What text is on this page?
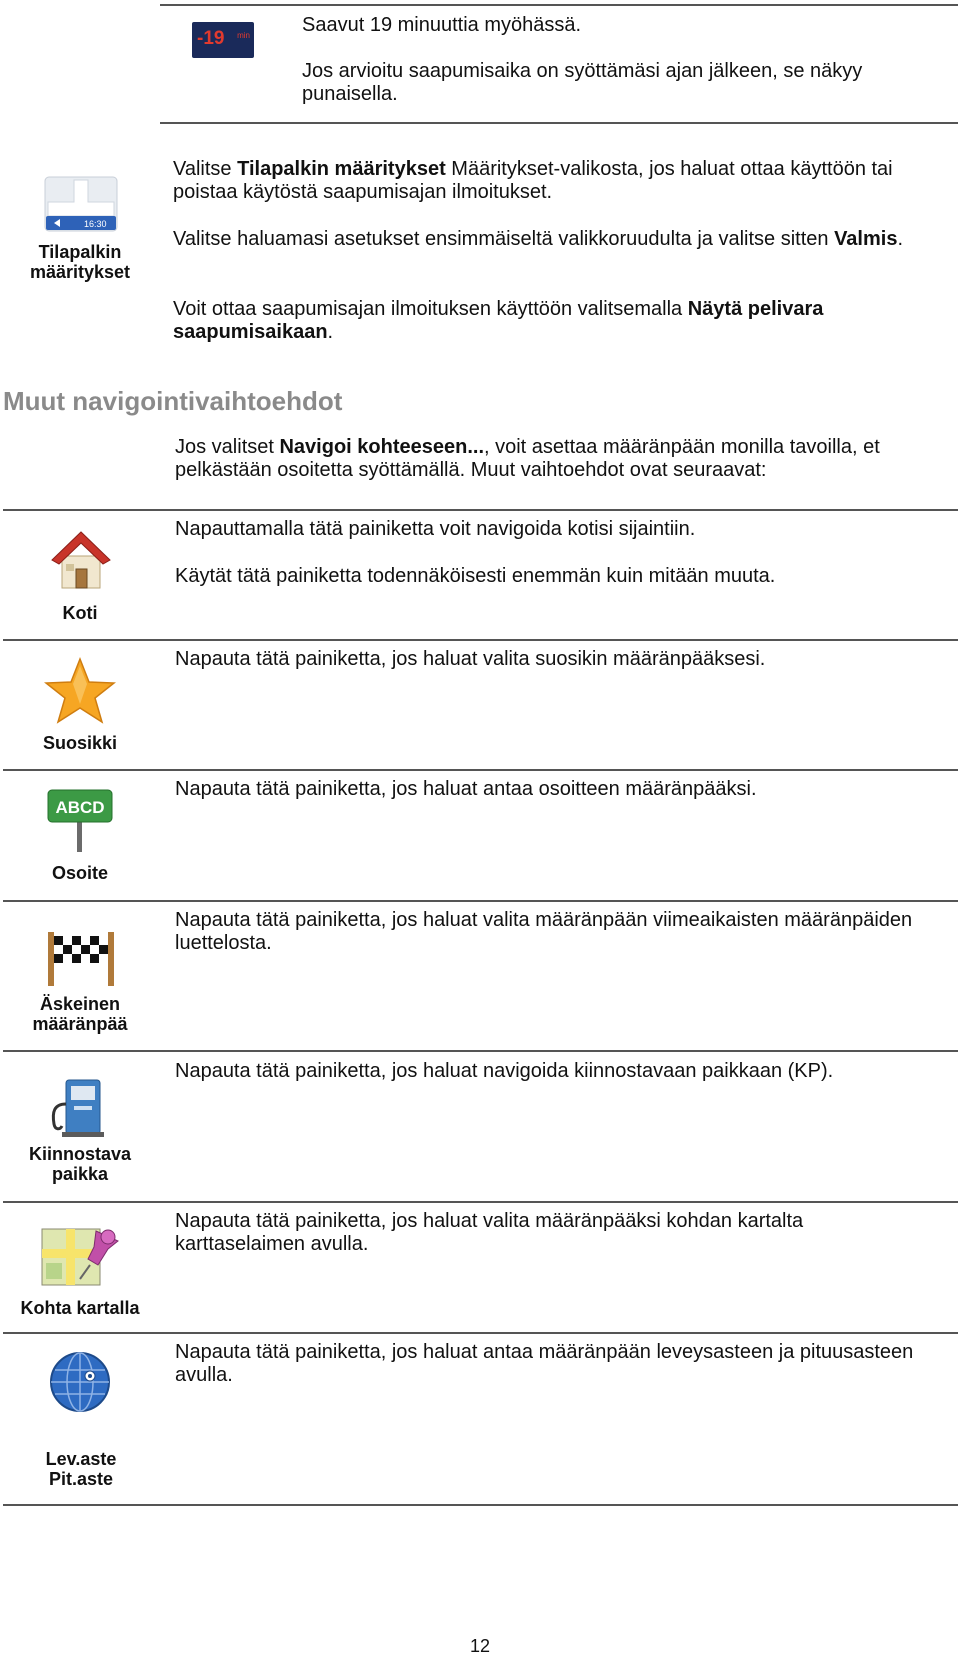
-19 min	Saavut 19 minuuttia myöhässä.
Jos arvioitu saapumisaika on syöttämäsi ajan jälkeen, se näkyy punaisella.
16:30
Tilapalkin määritykset
Valitse Tilapalkin määritykset Määritykset-valikosta, jos haluat ottaa käyttöön tai poistaa käytöstä saapumisajan ilmoitukset.
Valitse haluamasi asetukset ensimmäiseltä valikkoruudulta ja valitse sitten Valmis.
Voit ottaa saapumisajan ilmoituksen käyttöön valitsemalla Näytä pelivara saapumisaikaan.
Muut navigointivaihtoehdot
Jos valitset Navigoi kohteeseen..., voit asettaa määränpään monilla tavoilla, et pelkästään osoitetta syöttämällä. Muut vaihtoehdot ovat seuraavat:
Koti
Napauttamalla tätä painiketta voit navigoida kotisi sijaintiin.
Käytät tätä painiketta todennäköisesti enemmän kuin mitään muuta.
Suosikki
Napauta tätä painiketta, jos haluat valita suosikin määränpääksesi.
ABCD
Osoite
Napauta tätä painiketta, jos haluat antaa osoitteen määränpääksi.
Äskeinen määränpää
Napauta tätä painiketta, jos haluat valita määränpään viimeaikaisten määränpäiden luettelosta.
Kiinnostava paikka
Napauta tätä painiketta, jos haluat navigoida kiinnostavaan paikkaan (KP).
Kohta kartalla
Napauta tätä painiketta, jos haluat valita määränpääksi kohdan kartalta karttaselaimen avulla.
Lev.aste Pit.aste
Napauta tätä painiketta, jos haluat antaa määränpään leveysasteen ja pituusasteen avulla.
12
